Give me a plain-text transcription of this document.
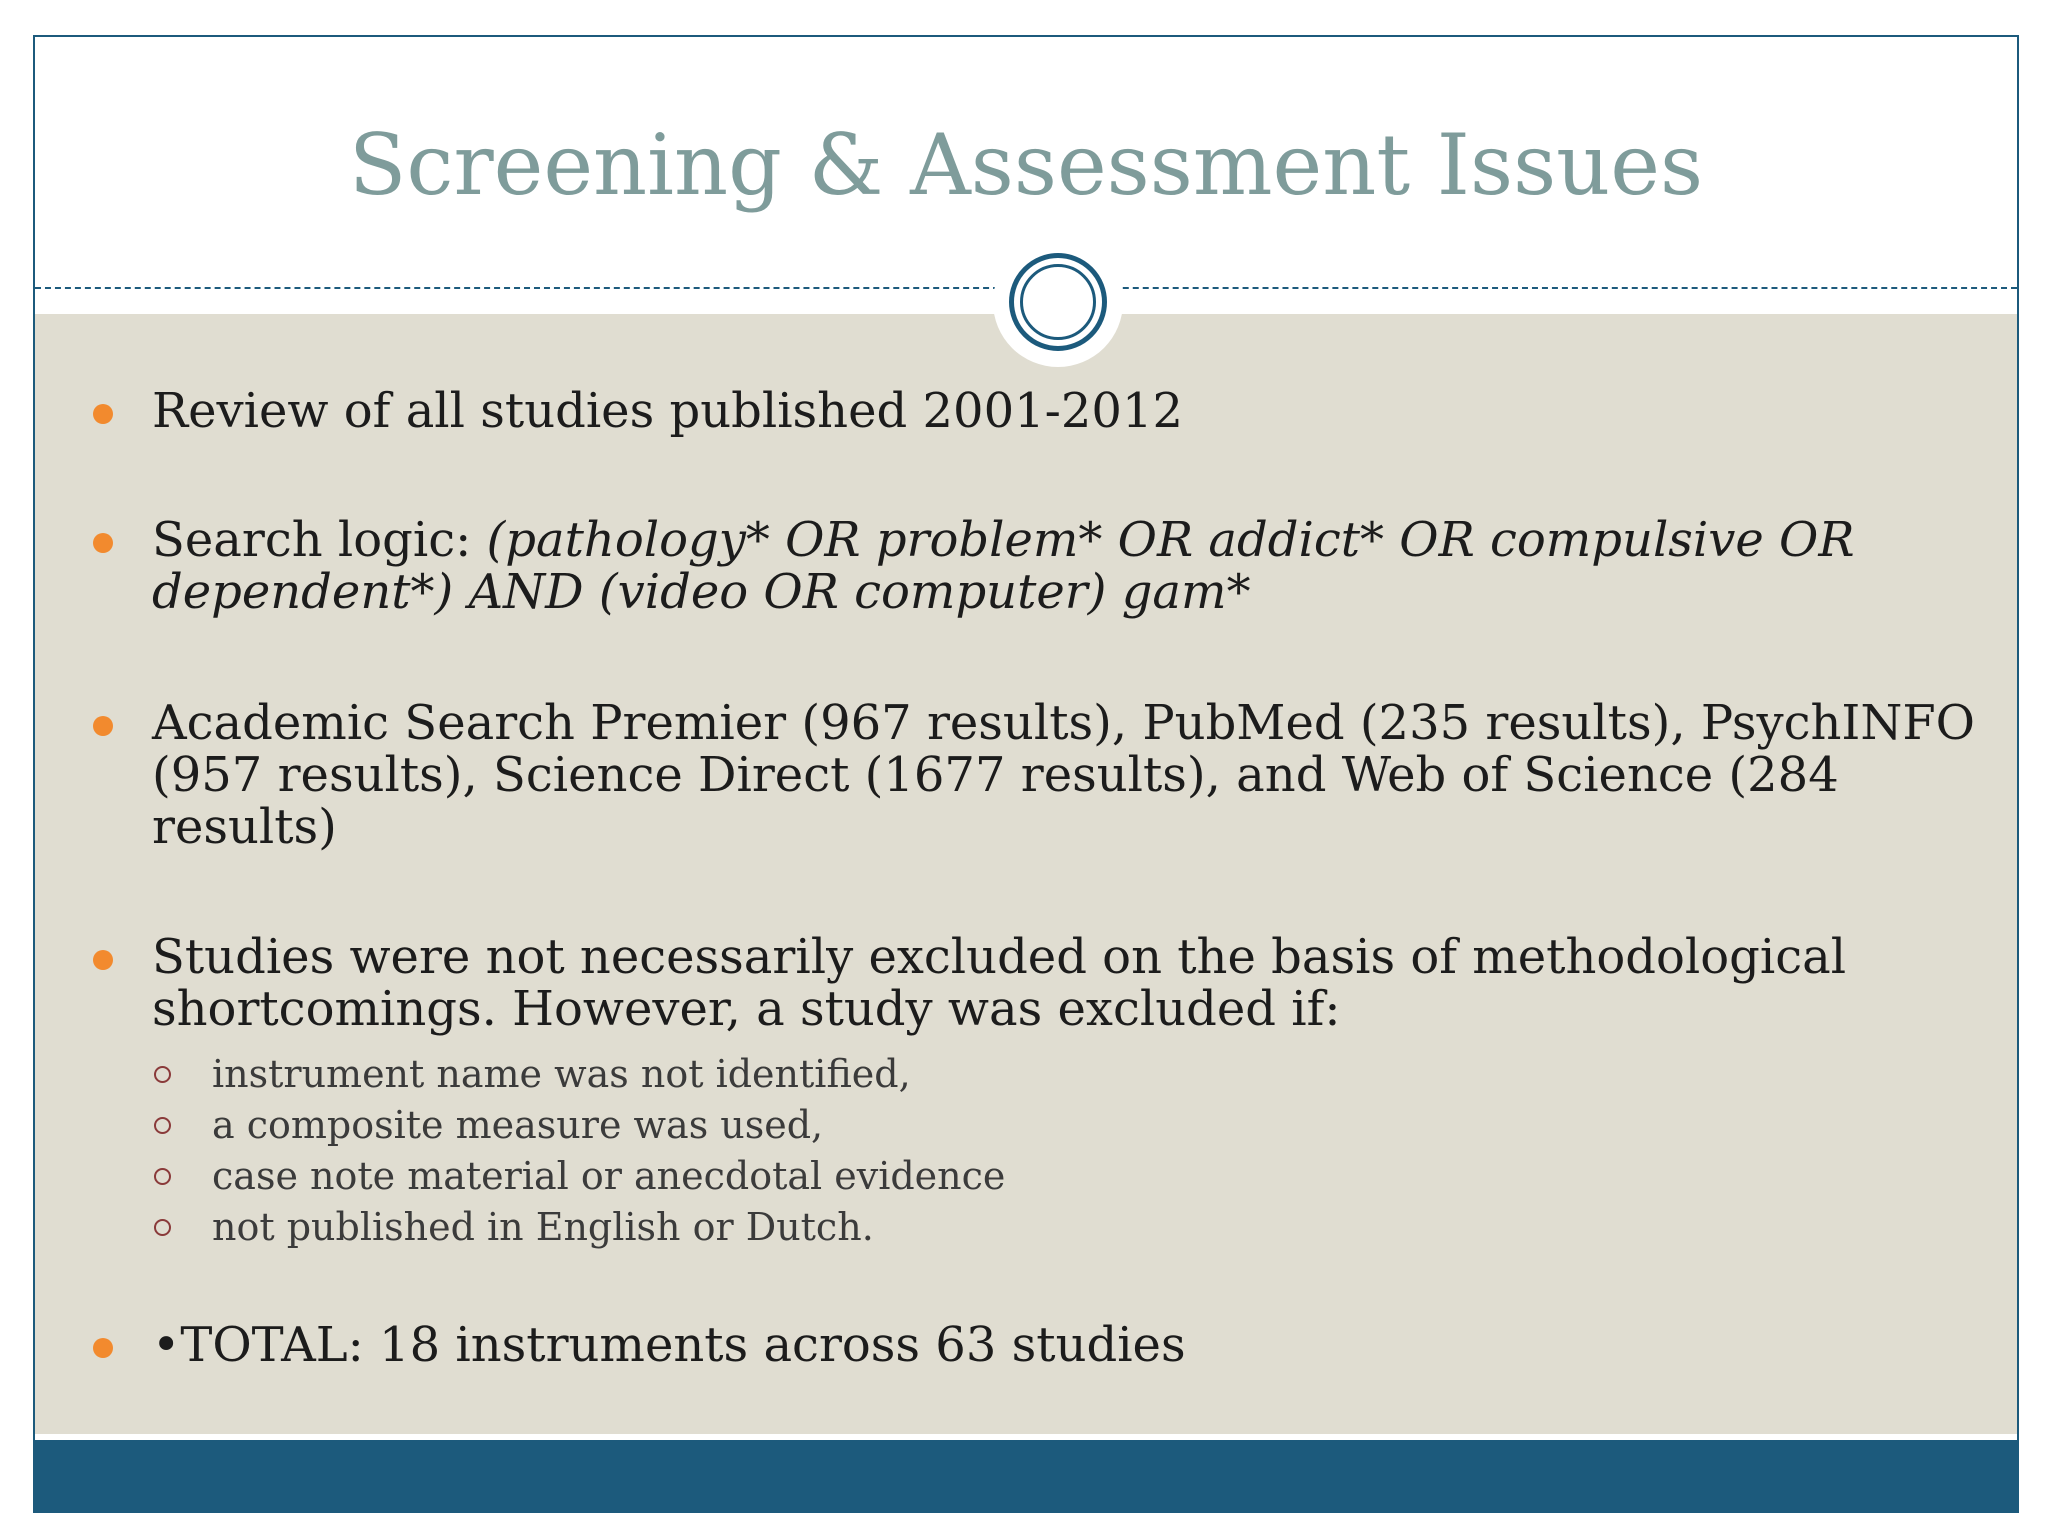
Screening & Assessment Issues

Review of all studies published 2001-2012

Search logic: (pathology* OR problem* OR addict* OR compulsive OR dependent*) AND (video OR computer) gam*

Academic Search Premier (967 results), PubMed (235 results), PsychINFO (957 results), Science Direct (1677 results), and Web of Science (284 results)

Studies were not necessarily excluded on the basis of methodological shortcomings. However, a study was excluded if:

instrument name was not identified,
a composite measure was used,
case note material or anecdotal evidence
not published in English or Dutch.

•TOTAL: 18 instruments across 63 studies
